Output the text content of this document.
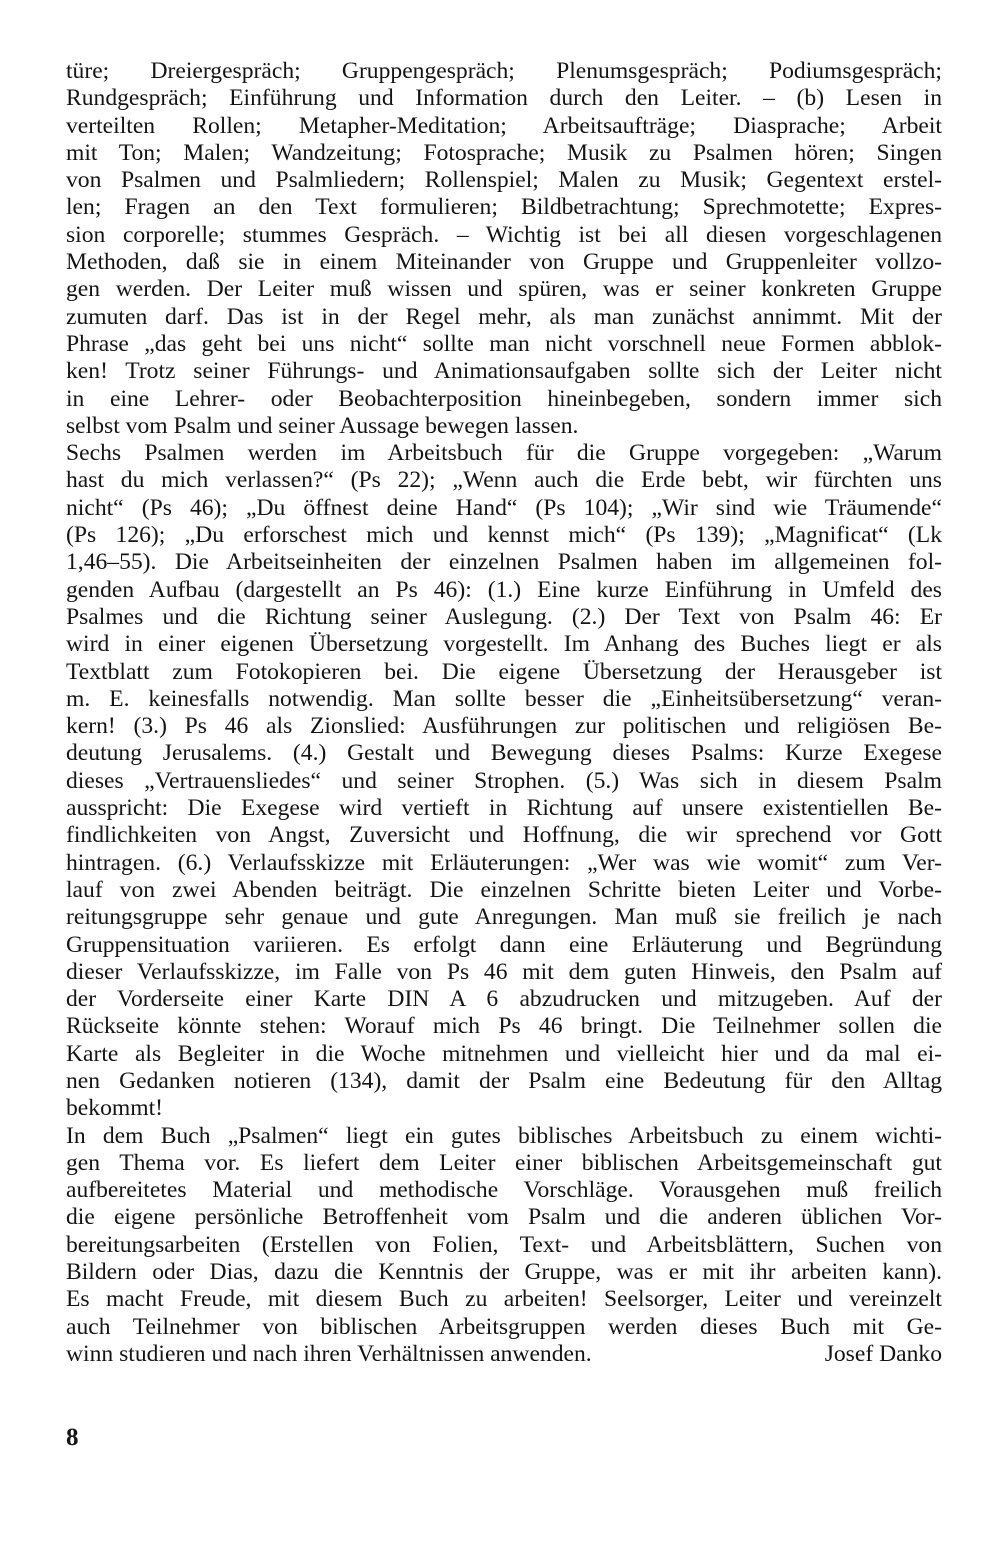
türe; Dreiergespräch; Gruppengespräch; Plenumsgespräch; Podiumsgespräch;
Rundgespräch; Einführung und Information durch den Leiter. – (b) Lesen in
verteilten Rollen; Metapher-Meditation; Arbeitsaufträge; Diasprache; Arbeit
mit Ton; Malen; Wandzeitung; Fotosprache; Musik zu Psalmen hören; Singen
von Psalmen und Psalmliedern; Rollenspiel; Malen zu Musik; Gegentext erstel-
len; Fragen an den Text formulieren; Bildbetrachtung; Sprechmotette; Expres-
sion corporelle; stummes Gespräch. – Wichtig ist bei all diesen vorgeschlagenen
Methoden, daß sie in einem Miteinander von Gruppe und Gruppenleiter vollzo-
gen werden. Der Leiter muß wissen und spüren, was er seiner konkreten Gruppe
zumuten darf. Das ist in der Regel mehr, als man zunächst annimmt. Mit der
Phrase „das geht bei uns nicht“ sollte man nicht vorschnell neue Formen abblok-
ken! Trotz seiner Führungs- und Animationsaufgaben sollte sich der Leiter nicht
in eine Lehrer- oder Beobachterposition hineinbegeben, sondern immer sich
selbst vom Psalm und seiner Aussage bewegen lassen.
Sechs Psalmen werden im Arbeitsbuch für die Gruppe vorgegeben: „Warum
hast du mich verlassen?“ (Ps 22); „Wenn auch die Erde bebt, wir fürchten uns
nicht“ (Ps 46); „Du öffnest deine Hand“ (Ps 104); „Wir sind wie Träumende“
(Ps 126); „Du erforschest mich und kennst mich“ (Ps 139); „Magnificat“ (Lk
1,46–55). Die Arbeitseinheiten der einzelnen Psalmen haben im allgemeinen fol-
genden Aufbau (dargestellt an Ps 46): (1.) Eine kurze Einführung in Umfeld des
Psalmes und die Richtung seiner Auslegung. (2.) Der Text von Psalm 46: Er
wird in einer eigenen Übersetzung vorgestellt. Im Anhang des Buches liegt er als
Textblatt zum Fotokopieren bei. Die eigene Übersetzung der Herausgeber ist
m. E. keinesfalls notwendig. Man sollte besser die „Einheitsübersetzung“ veran-
kern! (3.) Ps 46 als Zionslied: Ausführungen zur politischen und religiösen Be-
deutung Jerusalems. (4.) Gestalt und Bewegung dieses Psalms: Kurze Exegese
dieses „Vertrauensliedes“ und seiner Strophen. (5.) Was sich in diesem Psalm
ausspricht: Die Exegese wird vertieft in Richtung auf unsere existentiellen Be-
findlichkeiten von Angst, Zuversicht und Hoffnung, die wir sprechend vor Gott
hintragen. (6.) Verlaufsskizze mit Erläuterungen: „Wer was wie womit“ zum Ver-
lauf von zwei Abenden beiträgt. Die einzelnen Schritte bieten Leiter und Vorbe-
reitungsgruppe sehr genaue und gute Anregungen. Man muß sie freilich je nach
Gruppensituation variieren. Es erfolgt dann eine Erläuterung und Begründung
dieser Verlaufsskizze, im Falle von Ps 46 mit dem guten Hinweis, den Psalm auf
der Vorderseite einer Karte DIN A 6 abzudrucken und mitzugeben. Auf der
Rückseite könnte stehen: Worauf mich Ps 46 bringt. Die Teilnehmer sollen die
Karte als Begleiter in die Woche mitnehmen und vielleicht hier und da mal ei-
nen Gedanken notieren (134), damit der Psalm eine Bedeutung für den Alltag
bekommt!
In dem Buch „Psalmen“ liegt ein gutes biblisches Arbeitsbuch zu einem wichti-
gen Thema vor. Es liefert dem Leiter einer biblischen Arbeitsgemeinschaft gut
aufbereitetes Material und methodische Vorschläge. Vorausgehen muß freilich
die eigene persönliche Betroffenheit vom Psalm und die anderen üblichen Vor-
bereitungsarbeiten (Erstellen von Folien, Text- und Arbeitsblättern, Suchen von
Bildern oder Dias, dazu die Kenntnis der Gruppe, was er mit ihr arbeiten kann).
Es macht Freude, mit diesem Buch zu arbeiten! Seelsorger, Leiter und vereinzelt
auch Teilnehmer von biblischen Arbeitsgruppen werden dieses Buch mit Ge-
winn studieren und nach ihren Verhältnissen anwenden.	Josef Danko
8
